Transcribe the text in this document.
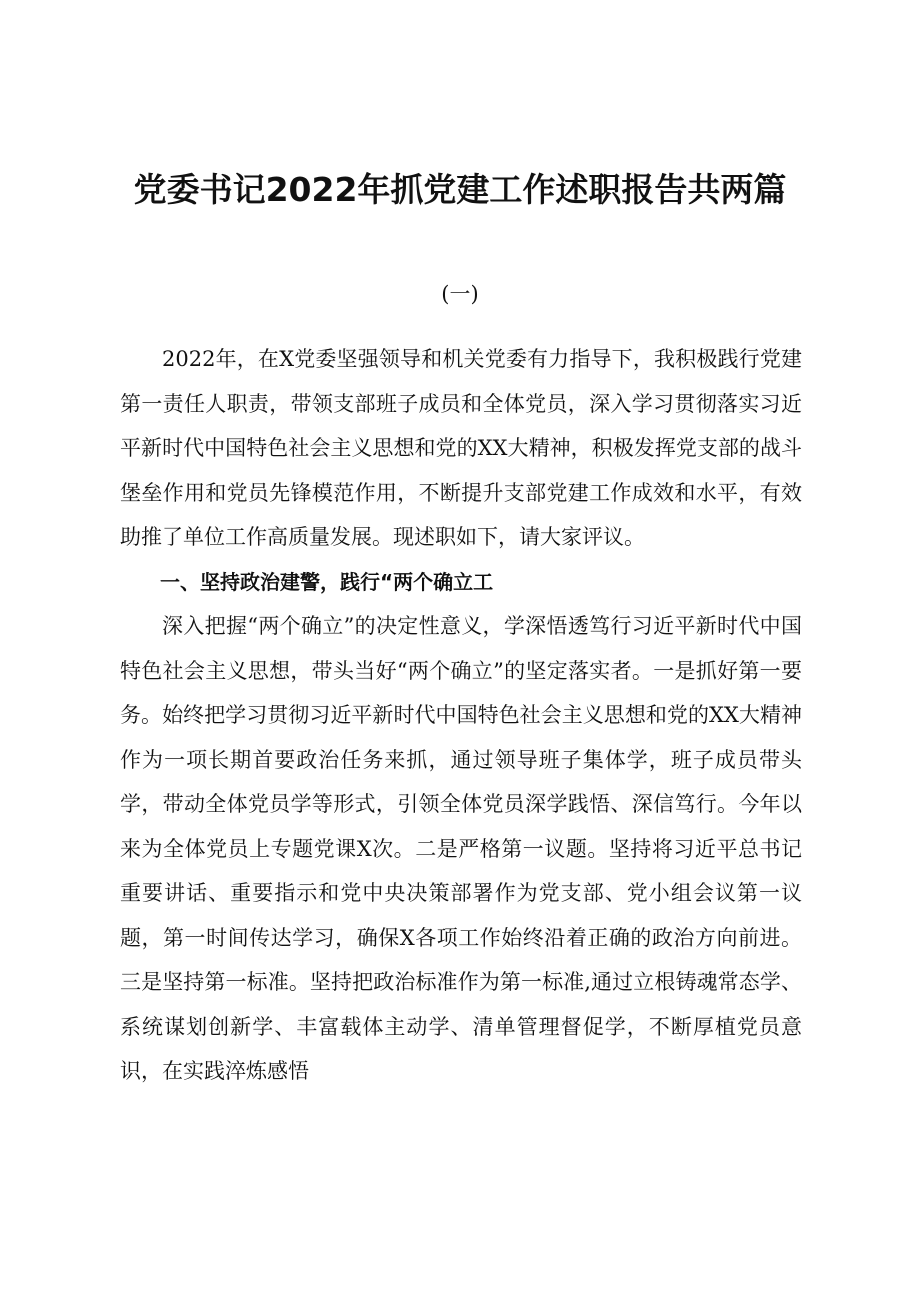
党委书记2022年抓党建工作述职报告共两篇
(一)

2022年，在X党委坚强领导和机关党委有力指导下，我积极践行党建第一责任人职责，带领支部班子成员和全体党员，深入学习贯彻落实习近平新时代中国特色社会主义思想和党的XX大精神，积极发挥党支部的战斗堡垒作用和党员先锋模范作用，不断提升支部党建工作成效和水平，有效助推了单位工作高质量发展。现述职如下，请大家评议。

一、坚持政治建警，践行“两个确立工

深入把握“两个确立”的决定性意义，学深悟透笃行习近平新时代中国特色社会主义思想，带头当好“两个确立”的坚定落实者。一是抓好第一要务。始终把学习贯彻习近平新时代中国特色社会主义思想和党的XX大精神作为一项长期首要政治任务来抓，通过领导班子集体学，班子成员带头学，带动全体党员学等形式，引领全体党员深学践悟、深信笃行。今年以来为全体党员上专题党课X次。二是严格第一议题。坚持将习近平总书记重要讲话、重要指示和党中央决策部署作为党支部、党小组会议第一议题，第一时间传达学习，确保X各项工作始终沿着正确的政治方向前进。三是坚持第一标准。坚持把政治标准作为第一标准,通过立根铸魂常态学、系统谋划创新学、丰富载体主动学、清单管理督促学，不断厚植党员意识，在实践淬炼感悟
